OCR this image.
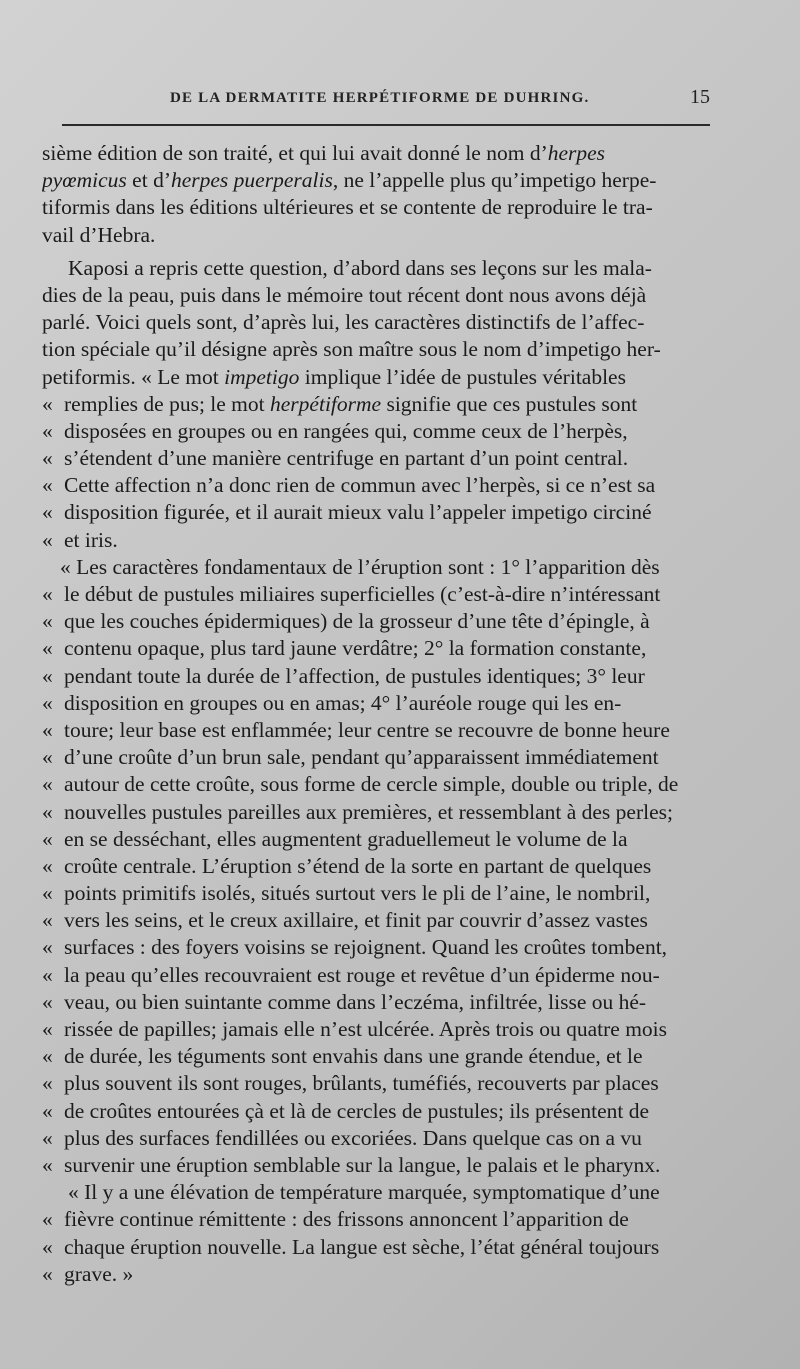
DE LA DERMATITE HERPÉTIFORME DE DUHRING.	15
sième édition de son traité, et qui lui avait donné le nom d’herpes
pyœmicus et d’herpes puerperalis, ne l’appelle plus qu’impetigo herpe-
tiformis dans les éditions ultérieures et se contente de reproduire le tra-
vail d’Hebra.
Kaposi a repris cette question, d’abord dans ses leçons sur les mala-
dies de la peau, puis dans le mémoire tout récent dont nous avons déjà
parlé. Voici quels sont, d’après lui, les caractères distinctifs de l’affec-
tion spéciale qu’il désigne après son maître sous le nom d’impetigo her-
petiformis. « Le mot impetigo implique l’idée de pustules véritables
« remplies de pus; le mot herpétiforme signifie que ces pustules sont
« disposées en groupes ou en rangées qui, comme ceux de l’herpès,
« s’étendent d’une manière centrifuge en partant d’un point central.
« Cette affection n’a donc rien de commun avec l’herpès, si ce n’est sa
« disposition figurée, et il aurait mieux valu l’appeler impetigo circiné
« et iris.
« Les caractères fondamentaux de l’éruption sont : 1° l’apparition dès
« le début de pustules miliaires superficielles (c’est-à-dire n’intéressant
« que les couches épidermiques) de la grosseur d’une tête d’épingle, à
« contenu opaque, plus tard jaune verdâtre; 2° la formation constante,
« pendant toute la durée de l’affection, de pustules identiques; 3° leur
« disposition en groupes ou en amas; 4° l’auréole rouge qui les en-
« toure; leur base est enflammée; leur centre se recouvre de bonne heure
« d’une croûte d’un brun sale, pendant qu’apparaissent immédiatement
« autour de cette croûte, sous forme de cercle simple, double ou triple, de
« nouvelles pustules pareilles aux premières, et ressemblant à des perles;
« en se desséchant, elles augmentent graduellemeut le volume de la
« croûte centrale. L’éruption s’étend de la sorte en partant de quelques
« points primitifs isolés, situés surtout vers le pli de l’aine, le nombril,
« vers les seins, et le creux axillaire, et finit par couvrir d’assez vastes
« surfaces : des foyers voisins se rejoignent. Quand les croûtes tombent,
« la peau qu’elles recouvraient est rouge et revêtue d’un épiderme nou-
« veau, ou bien suintante comme dans l’eczéma, infiltrée, lisse ou hé-
« rissée de papilles; jamais elle n’est ulcérée. Après trois ou quatre mois
« de durée, les téguments sont envahis dans une grande étendue, et le
« plus souvent ils sont rouges, brûlants, tuméfiés, recouverts par places
« de croûtes entourées çà et là de cercles de pustules; ils présentent de
« plus des surfaces fendillées ou excoriées. Dans quelque cas on a vu
« survenir une éruption semblable sur la langue, le palais et le pharynx.
« Il y a une élévation de température marquée, symptomatique d’une
« fièvre continue rémittente : des frissons annoncent l’apparition de
« chaque éruption nouvelle. La langue est sèche, l’état général toujours
« grave. »
